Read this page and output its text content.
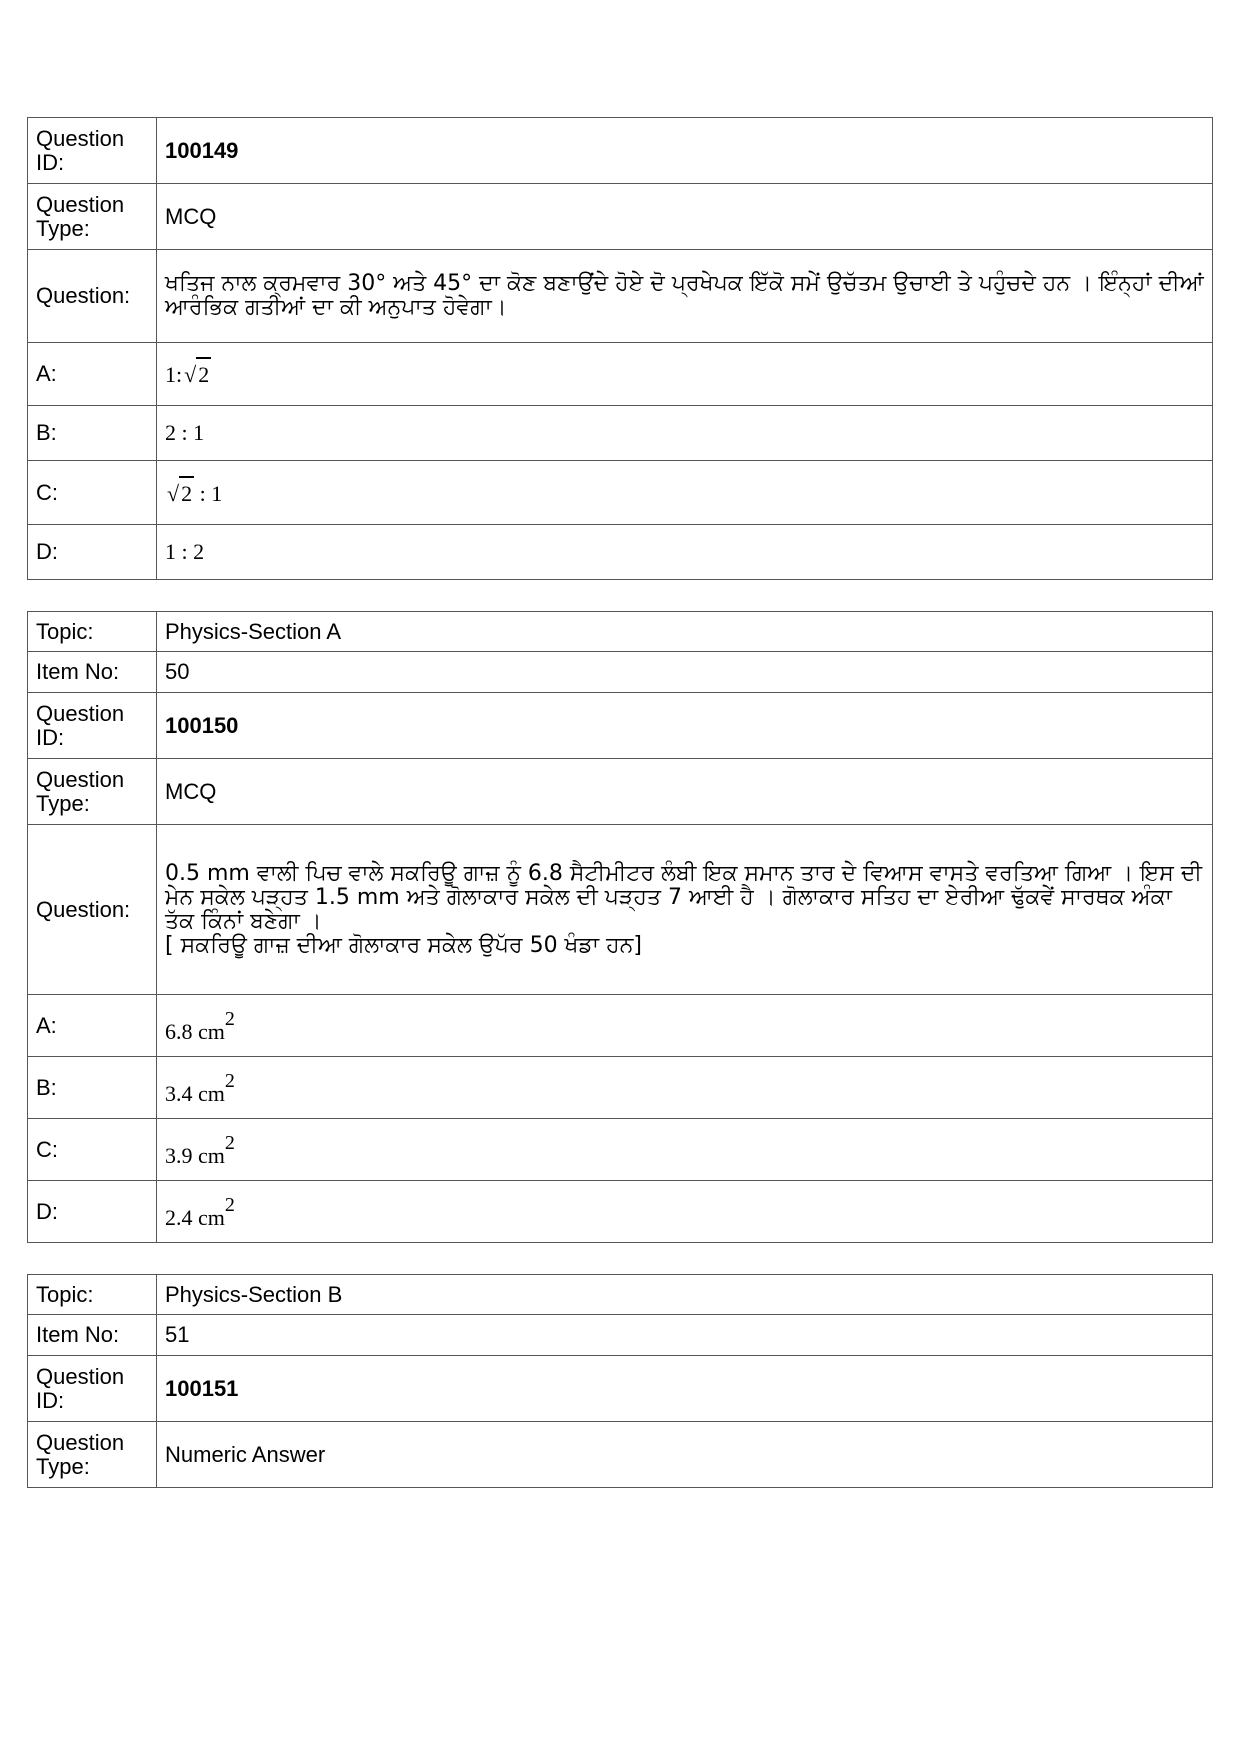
Question ID:	100149
Question Type:	MCQ
Question:	ਖਤਿਜ ਨਾਲ ਕ੍ਰਮਵਾਰ 30° ਅਤੇ 45° ਦਾ ਕੋਣ ਬਣਾਉਂਦੇ ਹੋਏ ਦੋ ਪ੍ਰਖੇਪਕ ਇੱਕੋ ਸਮੇਂ ਉਚੱਤਮ ਉਚਾਈ ਤੇ ਪਹੁੰਚਦੇ ਹਨ । ਇੰਨ੍ਹਾਂ ਦੀਆਂ ਆਰੰਭਿਕ ਗਤੀਆਂ ਦਾ ਕੀ ਅਨੁਪਾਤ ਹੋਵੇਗਾ।
A:	1:√2
B:	2 : 1
C:	√2 : 1
D:	1 : 2
Topic:	Physics-Section A
Item No:	50
Question ID:	100150
Question Type:	MCQ
Question:	0.5 mm ਵਾਲੀ ਪਿਚ ਵਾਲੇ ਸਕਰਿਊ ਗਾਜ਼ ਨੂੰ 6.8 ਸੈਟੀਮੀਟਰ ਲੰਬੀ ਇਕ ਸਮਾਨ ਤਾਰ ਦੇ ਵਿਆਸ ਵਾਸਤੇ ਵਰਤਿਆ ਗਿਆ । ਇਸ ਦੀ ਮੇਨ ਸਕੇਲ ਪੜ੍ਹਤ 1.5 mm ਅਤੇ ਗੋਲਾਕਾਰ ਸਕੇਲ ਦੀ ਪੜ੍ਹਤ 7 ਆਈ ਹੈ । ਗੋਲਾਕਾਰ ਸਤਿਹ ਦਾ ਏਰੀਆ ਢੁੱਕਵੇਂ ਸਾਰਥਕ ਅੰਕਾ ਤੱਕ ਕਿੰਨਾਂ ਬਣੇਗਾ ।
[ ਸਕਰਿਊ ਗਾਜ਼ ਦੀਆ ਗੋਲਾਕਾਰ ਸਕੇਲ ਉਪੱਰ 50 ਖੰਡਾ ਹਨ]

A:	6.8 $cm^2$
B:	3.4 $cm^2$
C:	3.9 $cm^2$
D:	2.4 $cm^2$
Topic:	Physics-Section B
Item No:	51
Question ID:	100151
Question Type:	Numeric Answer
